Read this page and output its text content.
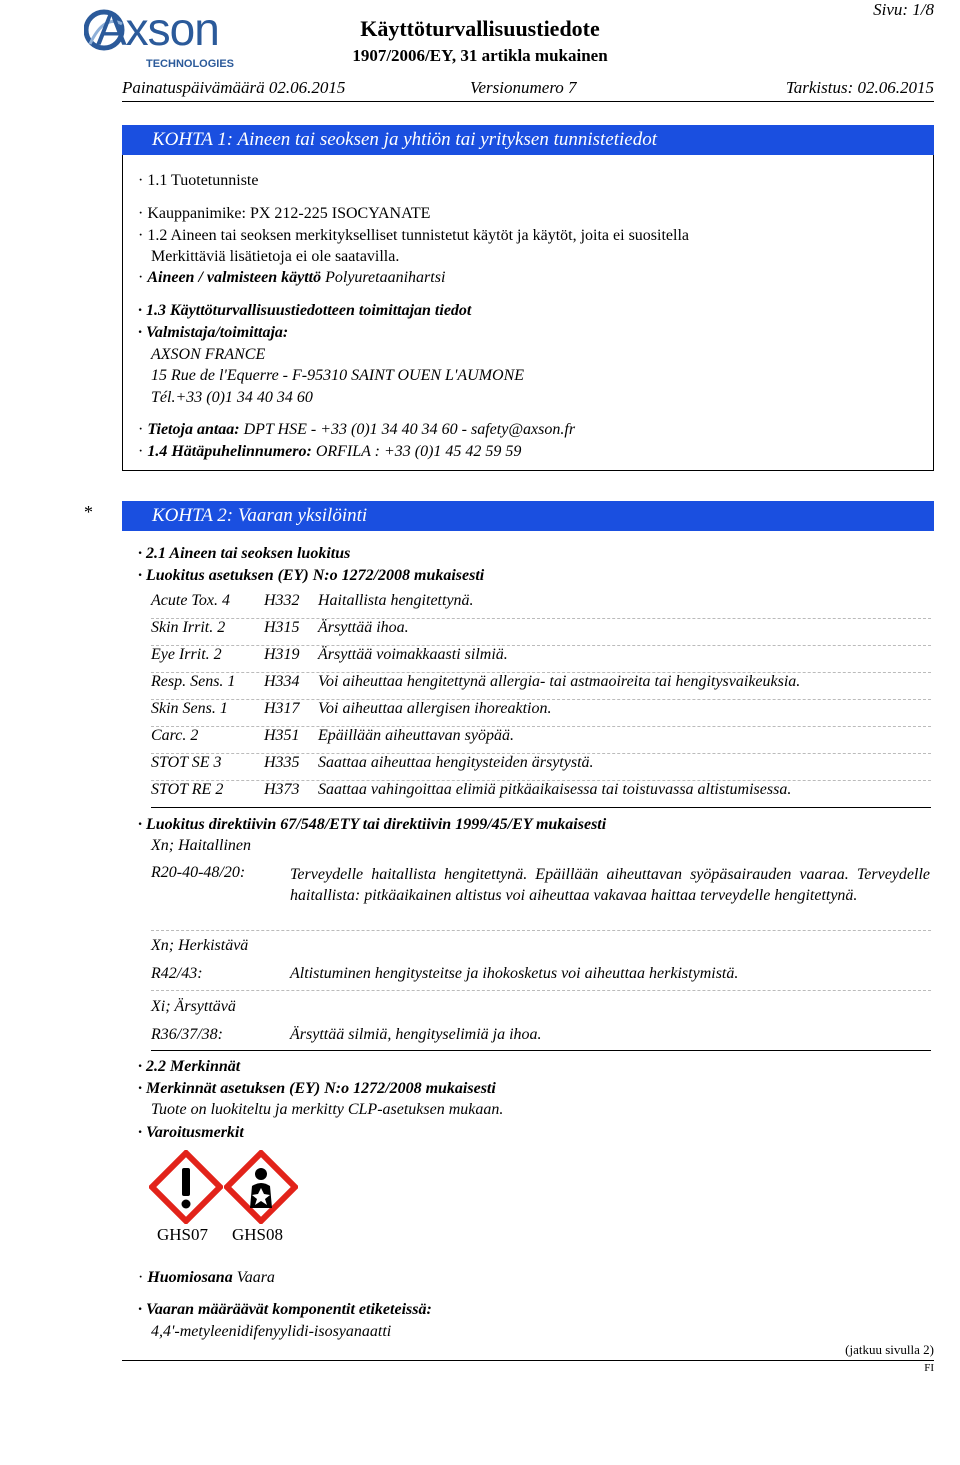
Axson
TECHNOLOGIES
Sivu: 1/8
Käyttöturvallisuustiedote
1907/2006/EY, 31 artikla mukainen
Painatuspäivämäärä 02.06.2015	Versionumero 7	Tarkistus: 02.06.2015
KOHTA 1: Aineen tai seoksen ja yhtiön tai yrityksen tunnistetiedot
· 1.1 Tuotetunniste
· Kauppanimike: PX 212-225 ISOCYANATE
· 1.2 Aineen tai seoksen merkitykselliset tunnistetut käytöt ja käytöt, joita ei suositella
Merkittäviä lisätietoja ei ole saatavilla.
· Aineen / valmisteen käyttö Polyuretaanihartsi
· 1.3 Käyttöturvallisuustiedotteen toimittajan tiedot
· Valmistaja/toimittaja:
AXSON FRANCE
15 Rue de l'Equerre - F-95310 SAINT OUEN L'AUMONE
Tél.+33 (0)1 34 40 34 60
· Tietoja antaa: DPT HSE - +33 (0)1 34 40 34 60 - safety@axson.fr
· 1.4 Hätäpuhelinnumero: ORFILA : +33 (0)1 45 42 59 59
*	KOHTA 2: Vaaran yksilöinti
· 2.1 Aineen tai seoksen luokitus
· Luokitus asetuksen (EY) N:o 1272/2008 mukaisesti
Acute Tox. 4 H332 Haitallista hengitettynä.
Skin Irrit. 2 H315 Ärsyttää ihoa.
Eye Irrit. 2	H319 Ärsyttää voimakkaasti silmiä.
Resp. Sens. 1 H334 Voi aiheuttaa hengitettynä allergia- tai astmaoireita tai hengitysvaikeuksia.
Skin Sens. 1 H317 Voi aiheuttaa allergisen ihoreaktion.
Carc. 2	H351 Epäillään aiheuttavan syöpää.
STOT SE 3	H335 Saattaa aiheuttaa hengitysteiden ärsytystä.
STOT RE 2	H373 Saattaa vahingoittaa elimiä pitkäaikaisessa tai toistuvassa altistumisessa.
· Luokitus direktiivin 67/548/ETY tai direktiivin 1999/45/EY mukaisesti
Xn; Haitallinen
R20-40-48/20:	Terveydelle haitallista hengitettynä. Epäillään aiheuttavan syöpäsairauden vaaraa. Terveydelle haitallista: pitkäaikainen altistus voi aiheuttaa vakavaa haittaa terveydelle hengitettynä.
Xn; Herkistävä
R42/43:	Altistuminen hengitysteitse ja ihokosketus voi aiheuttaa herkistymistä.
Xi; Ärsyttävä
R36/37/38:	Ärsyttää silmiä, hengityselimiä ja ihoa.
· 2.2 Merkinnät
· Merkinnät asetuksen (EY) N:o 1272/2008 mukaisesti
Tuote on luokiteltu ja merkitty CLP-asetuksen mukaan.
· Varoitusmerkit
GHS07 GHS08
· Huomiosana Vaara
· Vaaran määräävät komponentit etiketeissä:
4,4'-metyleenidifenyylidi-isosyanaatti
(jatkuu sivulla 2)
FI
